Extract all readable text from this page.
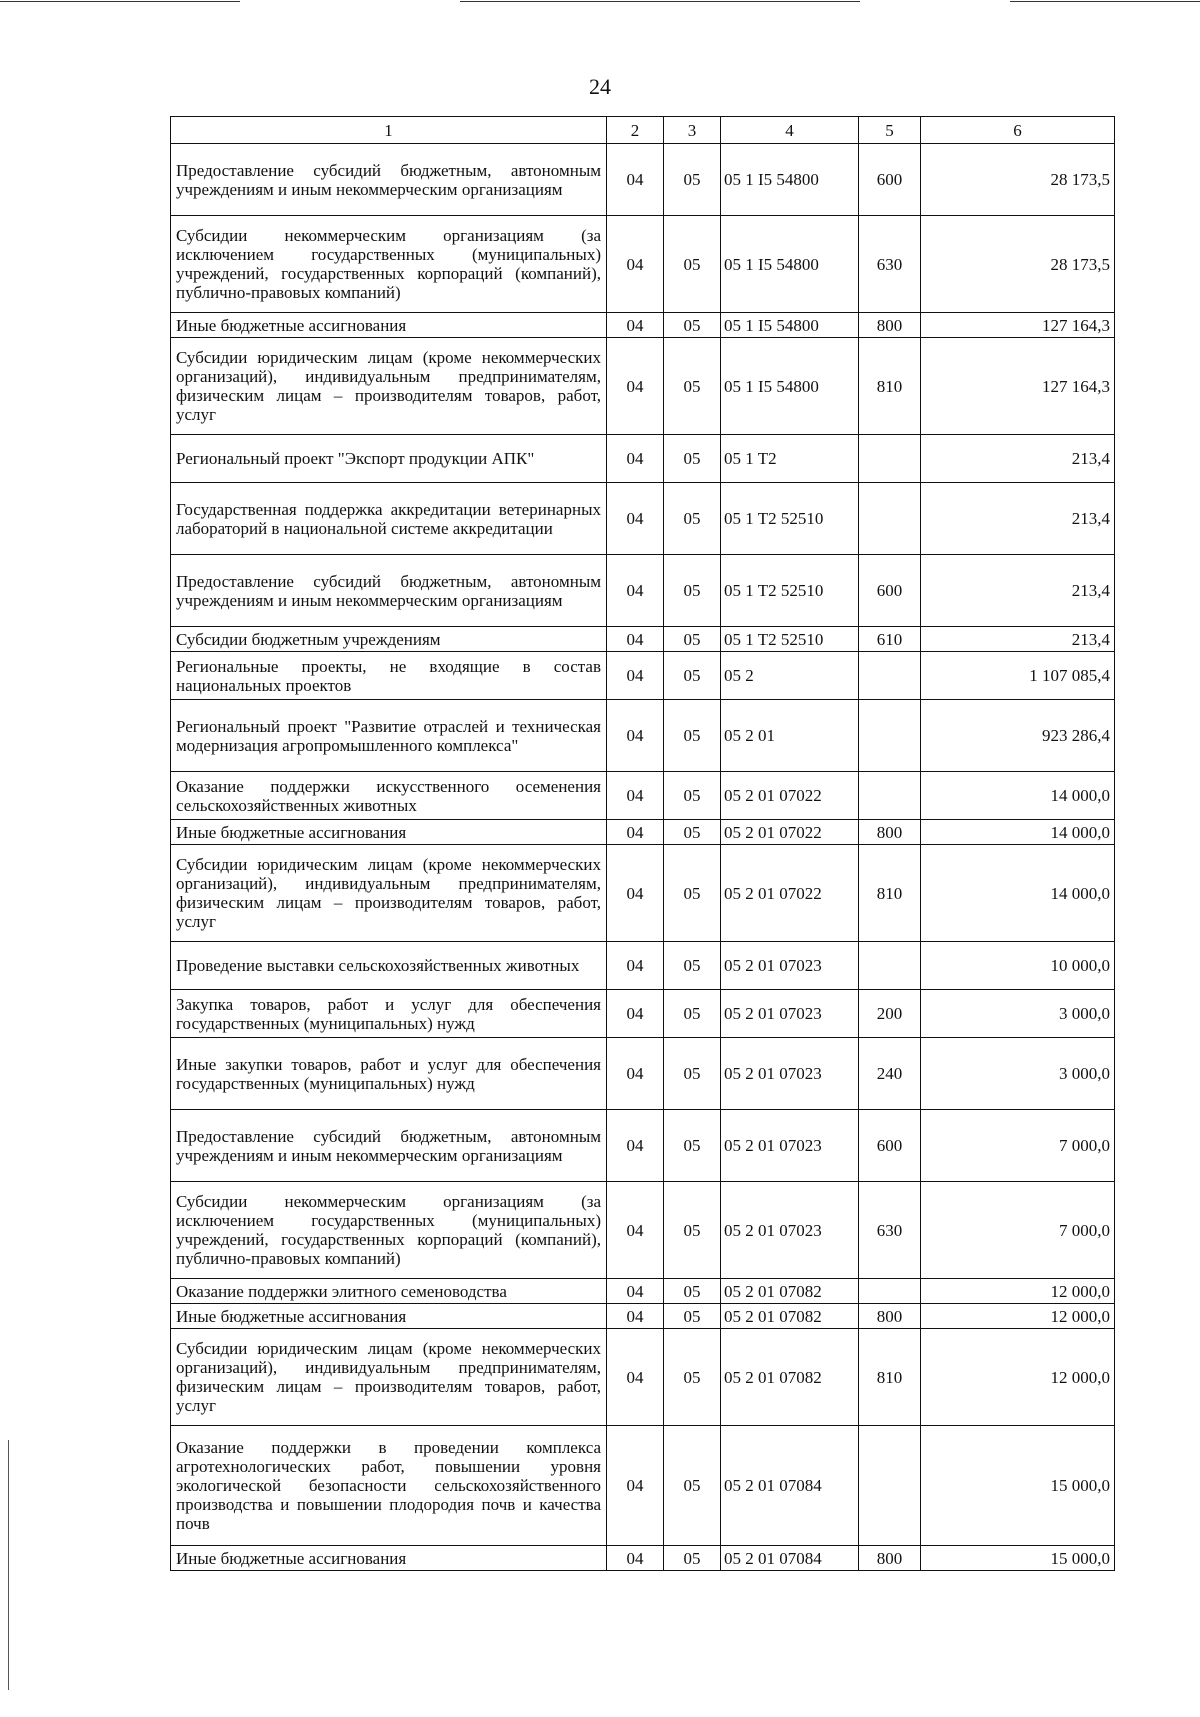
24
1	2	3	4	5	6
Предоставление субсидий бюджетным, автономным учреждениям и иным некоммерческим организациям	04	05	05 1 I5 54800	600	28 173,5
Субсидии некоммерческим организациям (за исключением государственных (муниципальных) учреждений, государственных корпораций (компаний), публично-правовых компаний)	04	05	05 1 I5 54800	630	28 173,5
Иные бюджетные ассигнования	04	05	05 1 I5 54800	800	127 164,3
Субсидии юридическим лицам (кроме некоммерческих организаций), индивидуальным предпринимателям, физическим лицам – производителям товаров, работ, услуг	04	05	05 1 I5 54800	810	127 164,3
Региональный проект "Экспорт продукции АПК"	04	05	05 1 T2		213,4
Государственная поддержка аккредитации ветеринарных лабораторий в национальной системе аккредитации	04	05	05 1 T2 52510		213,4
Предоставление субсидий бюджетным, автономным учреждениям и иным некоммерческим организациям	04	05	05 1 T2 52510	600	213,4
Субсидии бюджетным учреждениям	04	05	05 1 T2 52510	610	213,4
Региональные проекты, не входящие в состав национальных проектов	04	05	05 2		1 107 085,4
Региональный проект "Развитие отраслей и техническая модернизация агропромышленного комплекса"	04	05	05 2 01		923 286,4
Оказание поддержки искусственного осеменения сельскохозяйственных животных	04	05	05 2 01 07022		14 000,0
Иные бюджетные ассигнования	04	05	05 2 01 07022	800	14 000,0
Субсидии юридическим лицам (кроме некоммерческих организаций), индивидуальным предпринимателям, физическим лицам – производителям товаров, работ, услуг	04	05	05 2 01 07022	810	14 000,0
Проведение выставки сельскохозяйственных животных	04	05	05 2 01 07023		10 000,0
Закупка товаров, работ и услуг для обеспечения государственных (муниципальных) нужд	04	05	05 2 01 07023	200	3 000,0
Иные закупки товаров, работ и услуг для обеспечения государственных (муниципальных) нужд	04	05	05 2 01 07023	240	3 000,0
Предоставление субсидий бюджетным, автономным учреждениям и иным некоммерческим организациям	04	05	05 2 01 07023	600	7 000,0
Субсидии некоммерческим организациям (за исключением государственных (муниципальных) учреждений, государственных корпораций (компаний), публично-правовых компаний)	04	05	05 2 01 07023	630	7 000,0
Оказание поддержки элитного семеноводства	04	05	05 2 01 07082		12 000,0
Иные бюджетные ассигнования	04	05	05 2 01 07082	800	12 000,0
Субсидии юридическим лицам (кроме некоммерческих организаций), индивидуальным предпринимателям, физическим лицам – производителям товаров, работ, услуг	04	05	05 2 01 07082	810	12 000,0
Оказание поддержки в проведении комплекса агротехнологических работ, повышении уровня экологической безопасности сельскохозяйственного производства и повышении плодородия почв и качества почв	04	05	05 2 01 07084		15 000,0
Иные бюджетные ассигнования	04	05	05 2 01 07084	800	15 000,0
